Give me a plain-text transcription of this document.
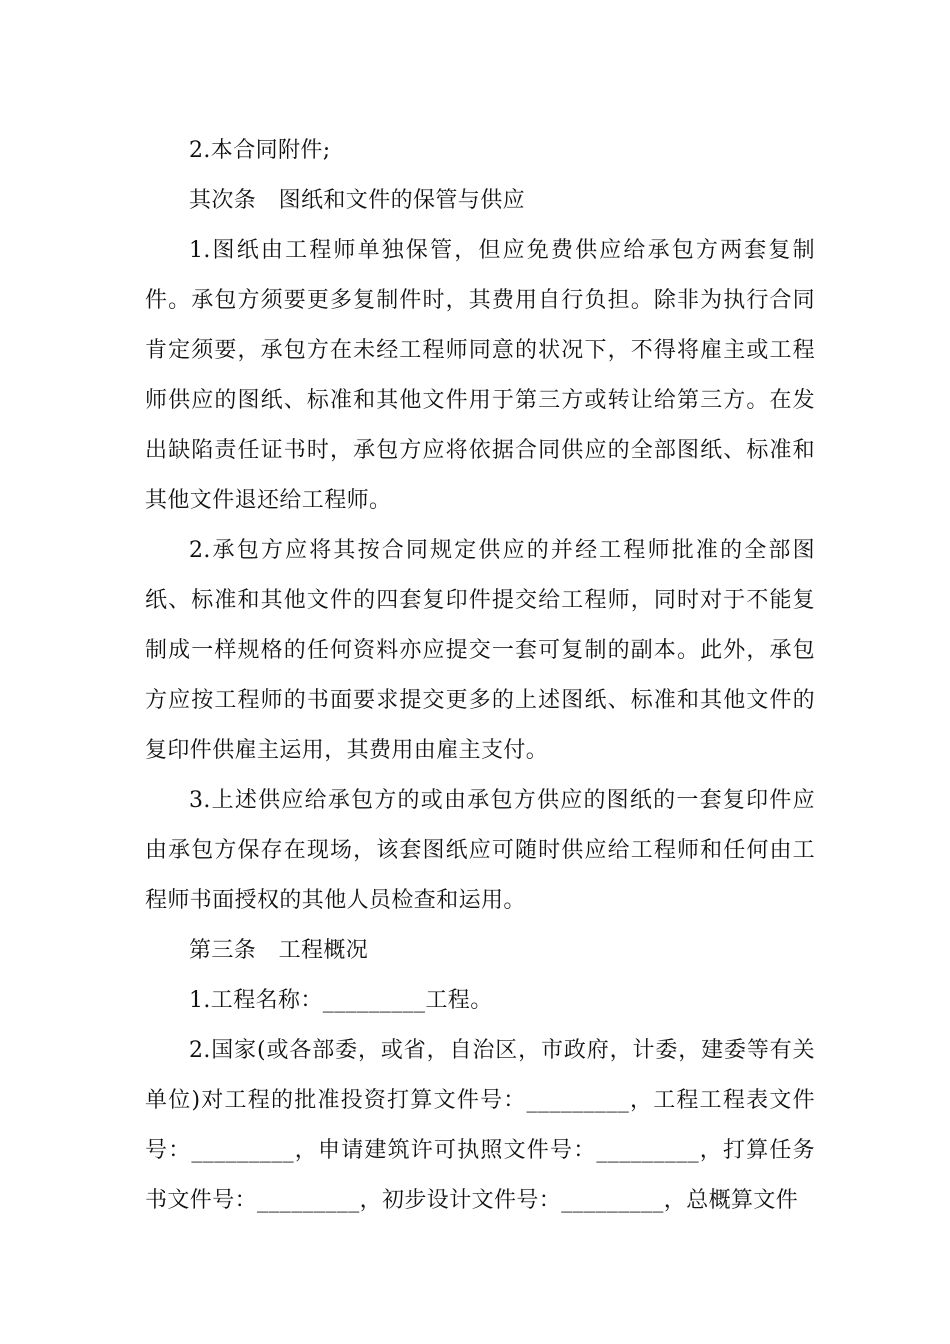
2.本合同附件;

其次条　图纸和文件的保管与供应

1.图纸由工程师单独保管，但应免费供应给承包方两套复制件。承包方须要更多复制件时，其费用自行负担。除非为执行合同肯定须要，承包方在未经工程师同意的状况下，不得将雇主或工程师供应的图纸、标准和其他文件用于第三方或转让给第三方。在发出缺陷责任证书时，承包方应将依据合同供应的全部图纸、标准和其他文件退还给工程师。

2.承包方应将其按合同规定供应的并经工程师批准的全部图纸、标准和其他文件的四套复印件提交给工程师，同时对于不能复制成一样规格的任何资料亦应提交一套可复制的副本。此外，承包方应按工程师的书面要求提交更多的上述图纸、标准和其他文件的复印件供雇主运用，其费用由雇主支付。

3.上述供应给承包方的或由承包方供应的图纸的一套复印件应由承包方保存在现场，该套图纸应可随时供应给工程师和任何由工程师书面授权的其他人员检查和运用。

第三条　工程概况

1.工程名称：_________工程。

2.国家(或各部委，或省，自治区，市政府，计委，建委等有关单位)对工程的批准投资打算文件号：_________，工程工程表文件号：_________，申请建筑许可执照文件号：_________，打算任务书文件号：_________，初步设计文件号：_________，总概算文件
